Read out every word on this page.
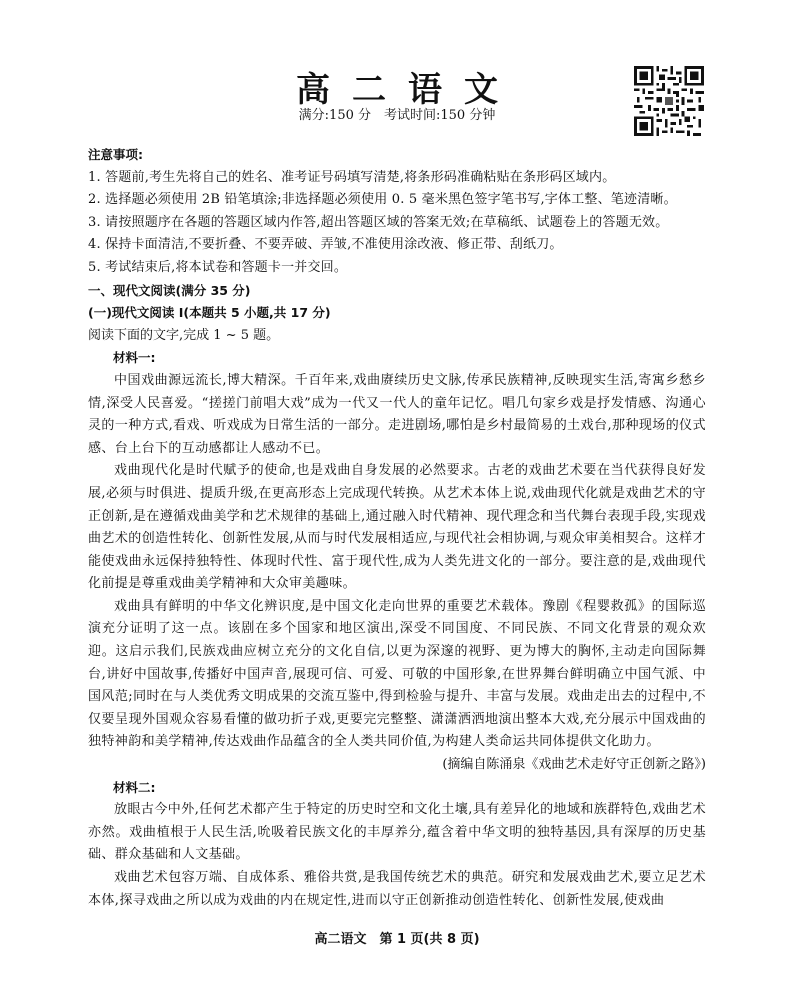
高二语文
满分:150 分　考试时间:150 分钟

注意事项:

1. 答题前,考生先将自己的姓名、准考证号码填写清楚,将条形码准确粘贴在条形码区域内。

2. 选择题必须使用 2B 铅笔填涂;非选择题必须使用 0. 5 毫米黑色签字笔书写,字体工整、笔迹清晰。

3. 请按照题序在各题的答题区域内作答,超出答题区域的答案无效;在草稿纸、试题卷上的答题无效。

4. 保持卡面清洁,不要折叠、不要弄破、弄皱,不准使用涂改液、修正带、刮纸刀。

5. 考试结束后,将本试卷和答题卡一并交回。

一、现代文阅读(满分 35 分)

(一)现代文阅读 I(本题共 5 小题,共 17 分)

阅读下面的文字,完成 1 ~ 5 题。

材料一:

中国戏曲源远流长,博大精深。千百年来,戏曲赓续历史文脉,传承民族精神,反映现实生活,寄寓乡愁乡情,深受人民喜爱。“搓搓门前唱大戏”成为一代又一代人的童年记忆。唱几句家乡戏是抒发情感、沟通心灵的一种方式,看戏、听戏成为日常生活的一部分。走进剧场,哪怕是乡村最简易的土戏台,那种现场的仪式感、台上台下的互动感都让人感动不已。

戏曲现代化是时代赋予的使命,也是戏曲自身发展的必然要求。古老的戏曲艺术要在当代获得良好发展,必须与时俱进、提质升级,在更高形态上完成现代转换。从艺术本体上说,戏曲现代化就是戏曲艺术的守正创新,是在遵循戏曲美学和艺术规律的基础上,通过融入时代精神、现代理念和当代舞台表现手段,实现戏曲艺术的创造性转化、创新性发展,从而与时代发展相适应,与现代社会相协调,与观众审美相契合。这样才能使戏曲永远保持独特性、体现时代性、富于现代性,成为人类先进文化的一部分。要注意的是,戏曲现代化前提是尊重戏曲美学精神和大众审美趣味。

戏曲具有鲜明的中华文化辨识度,是中国文化走向世界的重要艺术载体。豫剧《程婴救孤》的国际巡演充分证明了这一点。该剧在多个国家和地区演出,深受不同国度、不同民族、不同文化背景的观众欢迎。这启示我们,民族戏曲应树立充分的文化自信,以更为深邃的视野、更为博大的胸怀,主动走向国际舞台,讲好中国故事,传播好中国声音,展现可信、可爱、可敬的中国形象,在世界舞台鲜明确立中国气派、中国风范;同时在与人类优秀文明成果的交流互鉴中,得到检验与提升、丰富与发展。戏曲走出去的过程中,不仅要呈现外国观众容易看懂的做功折子戏,更要完完整整、潇潇洒洒地演出整本大戏,充分展示中国戏曲的独特神韵和美学精神,传达戏曲作品蕴含的全人类共同价值,为构建人类命运共同体提供文化助力。

(摘编自陈涌泉《戏曲艺术走好守正创新之路》)

材料二:

放眼古今中外,任何艺术都产生于特定的历史时空和文化土壤,具有差异化的地域和族群特色,戏曲艺术亦然。戏曲植根于人民生活,吮吸着民族文化的丰厚养分,蕴含着中华文明的独特基因,具有深厚的历史基础、群众基础和人文基础。

戏曲艺术包容万端、自成体系、雅俗共赏,是我国传统艺术的典范。研究和发展戏曲艺术,要立足艺术本体,探寻戏曲之所以成为戏曲的内在规定性,进而以守正创新推动创造性转化、创新性发展,使戏曲

高二语文　第 1 页(共 8 页)
